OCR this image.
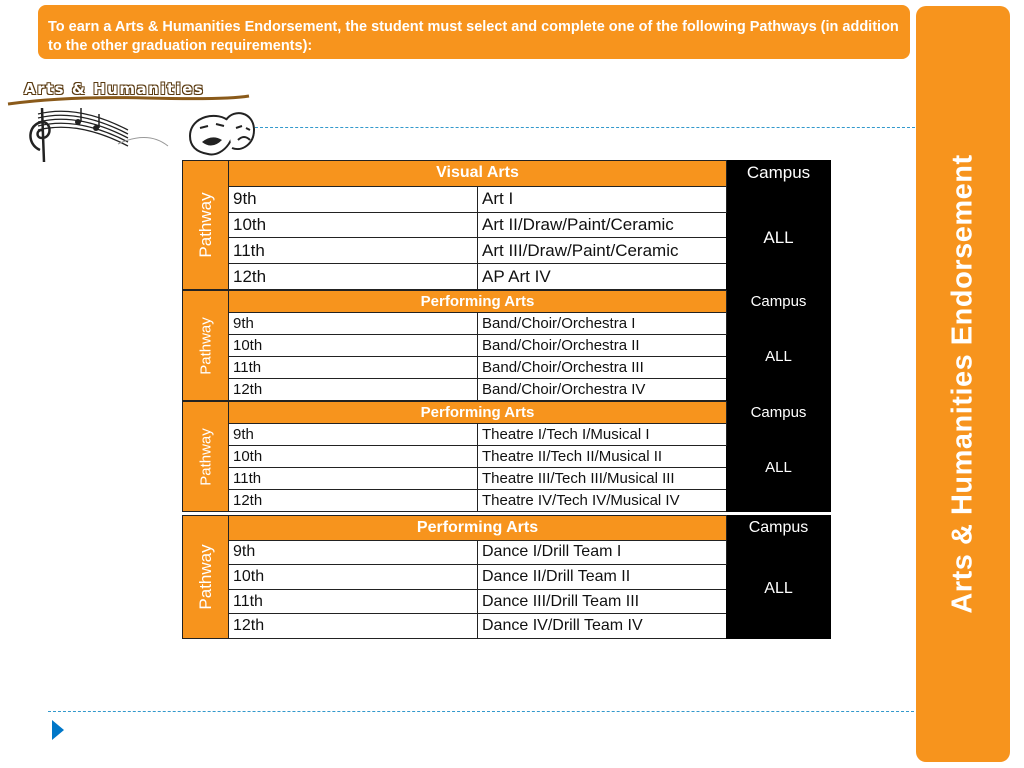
To earn a Arts & Humanities Endorsement, the student must select and complete one of the following Pathways (in addition to the other graduation requirements):
Arts & Humanities
Pathway	Visual Arts		Campus
	9th	Art I	ALL
	10th	Art II/Draw/Paint/Ceramic	
	11th	Art III/Draw/Paint/Ceramic	
	12th	AP Art IV	
Pathway	Performing Arts		Campus
	9th	Band/Choir/Orchestra I	ALL
	10th	Band/Choir/Orchestra II	
	11th	Band/Choir/Orchestra III	
	12th	Band/Choir/Orchestra IV	
Pathway	Performing Arts		Campus
	9th	Theatre I/Tech I/Musical I	ALL
	10th	Theatre II/Tech II/Musical II	
	11th	Theatre III/Tech III/Musical III	
	12th	Theatre IV/Tech IV/Musical IV	
Pathway	Performing Arts		Campus
	9th	Dance I/Drill Team I	ALL
	10th	Dance II/Drill Team II	
	11th	Dance III/Drill Team III	
	12th	Dance IV/Drill Team IV	
Arts & Humanities Endorsement
